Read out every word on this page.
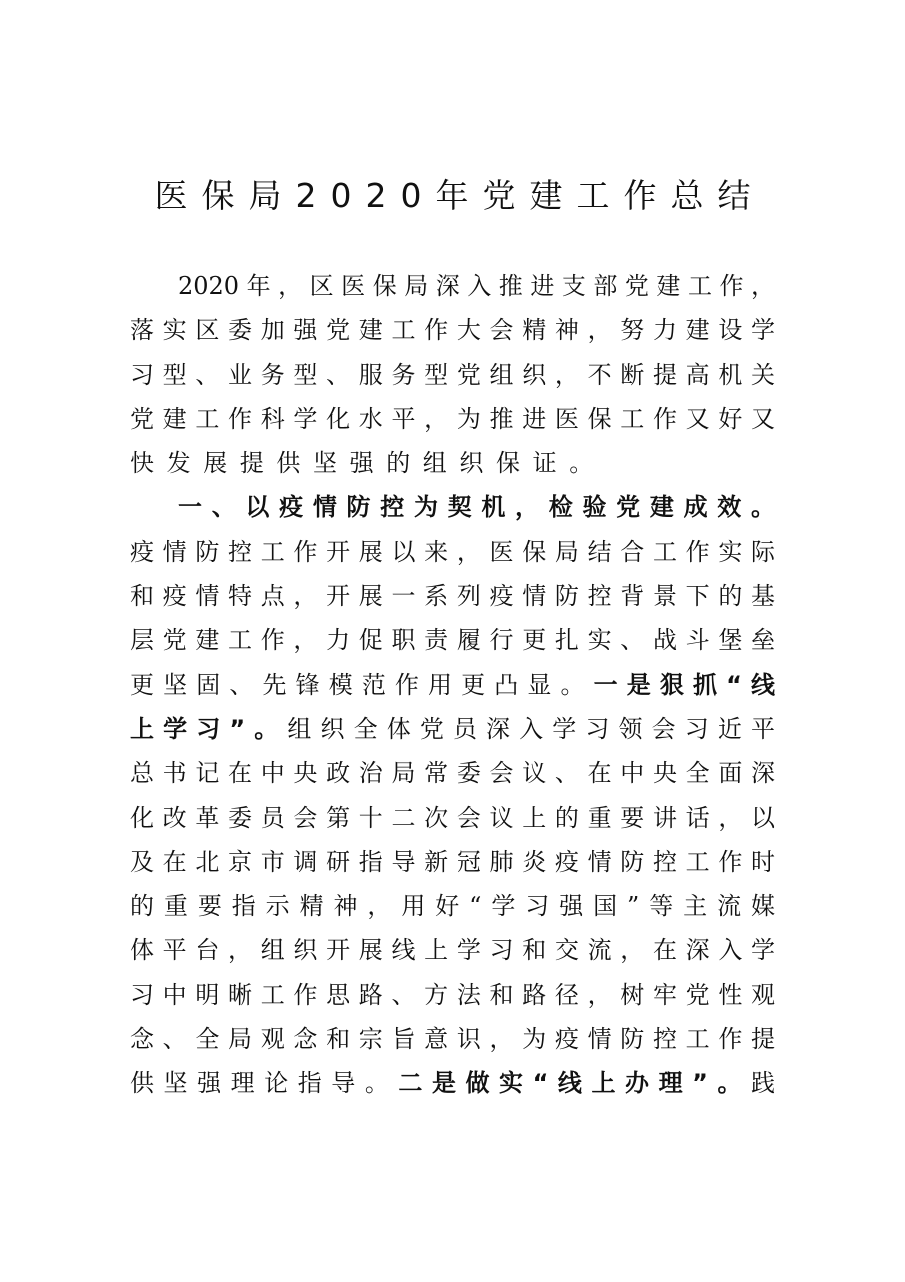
医保局2020年党建工作总结
2020年，区医保局深入推进支部党建工作，
落实区委加强党建工作大会精神，努力建设学
习型、业务型、服务型党组织，不断提高机关
党建工作科学化水平，为推进医保工作又好又
快发展提供坚强的组织保证。
一、以疫情防控为契机，检验党建成效。
疫情防控工作开展以来，医保局结合工作实际
和疫情特点，开展一系列疫情防控背景下的基
层党建工作，力促职责履行更扎实、战斗堡垒
更坚固、先锋模范作用更凸显。一是狠抓“线
上学习”。组织全体党员深入学习领会习近平
总书记在中央政治局常委会议、在中央全面深
化改革委员会第十二次会议上的重要讲话，以
及在北京市调研指导新冠肺炎疫情防控工作时
的重要指示精神，用好“学习强国”等主流媒
体平台，组织开展线上学习和交流，在深入学
习中明晰工作思路、方法和路径，树牢党性观
念、全局观念和宗旨意识，为疫情防控工作提
供坚强理论指导。二是做实“线上办理”。践
